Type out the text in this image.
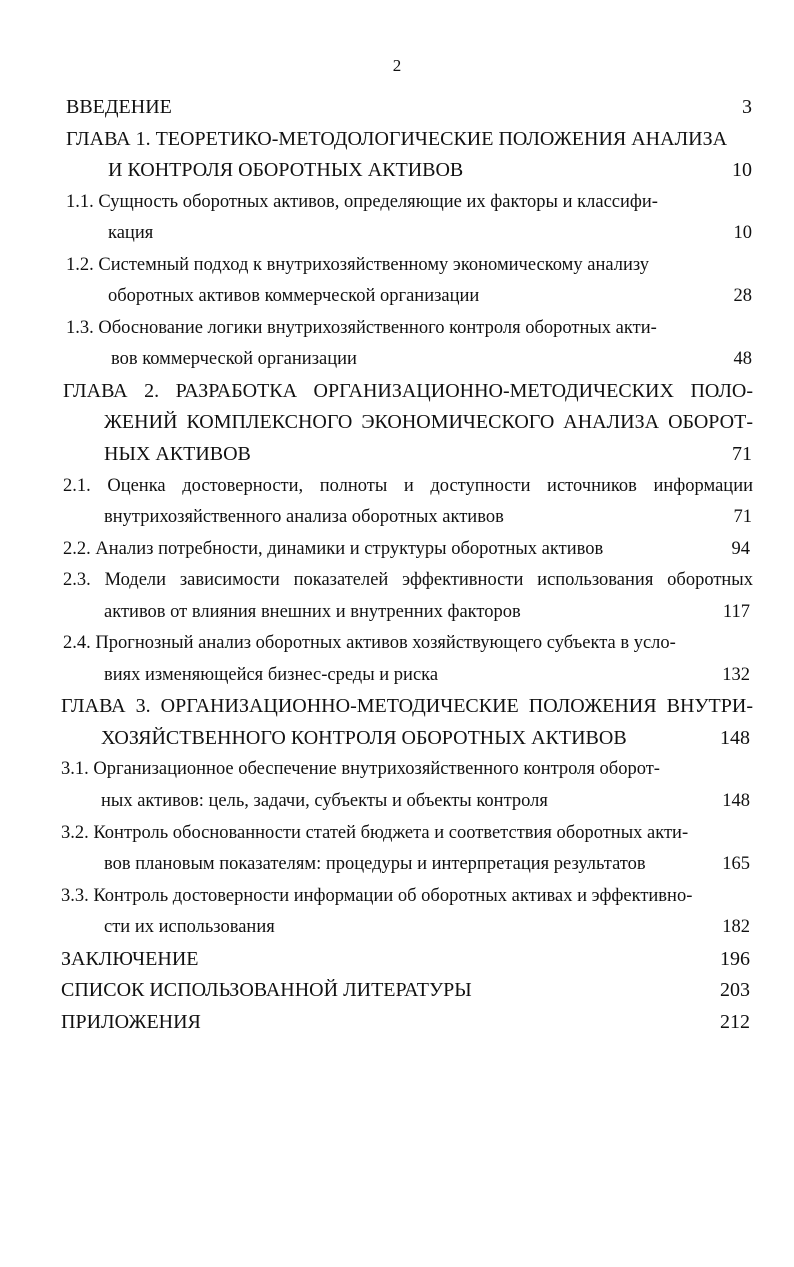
2
ВВЕДЕНИЕ	3
ГЛАВА 1. ТЕОРЕТИКО-МЕТОДОЛОГИЧЕСКИЕ ПОЛОЖЕНИЯ АНАЛИЗА
И КОНТРОЛЯ ОБОРОТНЫХ АКТИВОВ	10
1.1. Сущность оборотных активов, определяющие их факторы и классифи-
кация	10
1.2. Системный подход к внутрихозяйственному экономическому анализу
оборотных активов коммерческой организации	28
1.3. Обоснование логики внутрихозяйственного контроля оборотных акти-
вов коммерческой организации	48
ГЛАВА 2. РАЗРАБОТКА ОРГАНИЗАЦИОННО-МЕТОДИЧЕСКИХ ПОЛО-
ЖЕНИЙ КОМПЛЕКСНОГО ЭКОНОМИЧЕСКОГО АНАЛИЗА ОБОРОТ-
НЫХ АКТИВОВ	71
2.1. Оценка достоверности, полноты и доступности источников информации
внутрихозяйственного анализа оборотных активов	71
2.2. Анализ потребности, динамики и структуры оборотных активов	94
2.3. Модели зависимости показателей эффективности использования оборотных
активов от влияния внешних и внутренних факторов	117
2.4. Прогнозный анализ оборотных активов хозяйствующего субъекта в усло-
виях изменяющейся бизнес-среды и риска	132
ГЛАВА 3. ОРГАНИЗАЦИОННО-МЕТОДИЧЕСКИЕ ПОЛОЖЕНИЯ ВНУТРИ-
ХОЗЯЙСТВЕННОГО КОНТРОЛЯ ОБОРОТНЫХ АКТИВОВ	148
3.1. Организационное обеспечение внутрихозяйственного контроля оборот-
ных активов: цель, задачи, субъекты и объекты контроля	148
3.2. Контроль обоснованности статей бюджета и соответствия оборотных акти-
вов плановым показателям: процедуры и интерпретация результатов	165
3.3. Контроль достоверности информации об оборотных активах и эффективно-
сти их использования	182
ЗАКЛЮЧЕНИЕ	196
СПИСОК ИСПОЛЬЗОВАННОЙ ЛИТЕРАТУРЫ	203
ПРИЛОЖЕНИЯ	212
